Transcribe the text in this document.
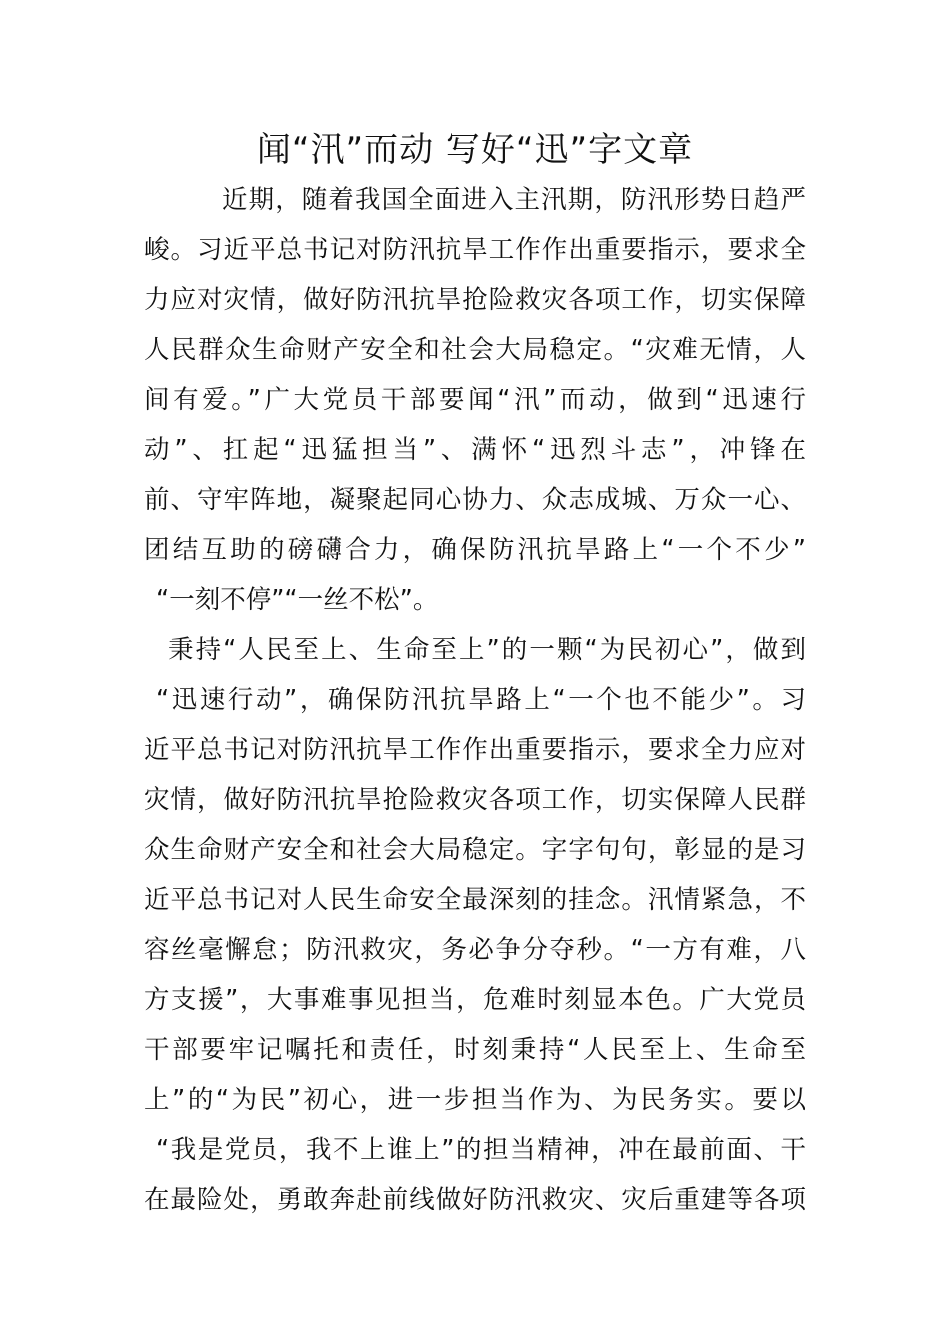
闻“汛”而动 写好“迅”字文章
近期，随着我国全面进入主汛期，防汛形势日趋严
峻。习近平总书记对防汛抗旱工作作出重要指示，要求全
力应对灾情，做好防汛抗旱抢险救灾各项工作，切实保障
人民群众生命财产安全和社会大局稳定。“灾难无情，人
间有爱。”广大党员干部要闻“汛”而动，做到“迅速行
动”、扛起“迅猛担当”、满怀“迅烈斗志”，冲锋在
前、守牢阵地，凝聚起同心协力、众志成城、万众一心、
团结互助的磅礴合力，确保防汛抗旱路上“一个不少”
“一刻不停”“一丝不松”。
秉持“人民至上、生命至上”的一颗“为民初心”，做到
“迅速行动”，确保防汛抗旱路上“一个也不能少”。习
近平总书记对防汛抗旱工作作出重要指示，要求全力应对
灾情，做好防汛抗旱抢险救灾各项工作，切实保障人民群
众生命财产安全和社会大局稳定。字字句句，彰显的是习
近平总书记对人民生命安全最深刻的挂念。汛情紧急，不
容丝毫懈怠；防汛救灾，务必争分夺秒。“一方有难，八
方支援”，大事难事见担当，危难时刻显本色。广大党员
干部要牢记嘱托和责任，时刻秉持“人民至上、生命至
上”的“为民”初心，进一步担当作为、为民务实。要以
“我是党员，我不上谁上”的担当精神，冲在最前面、干
在最险处，勇敢奔赴前线做好防汛救灾、灾后重建等各项
